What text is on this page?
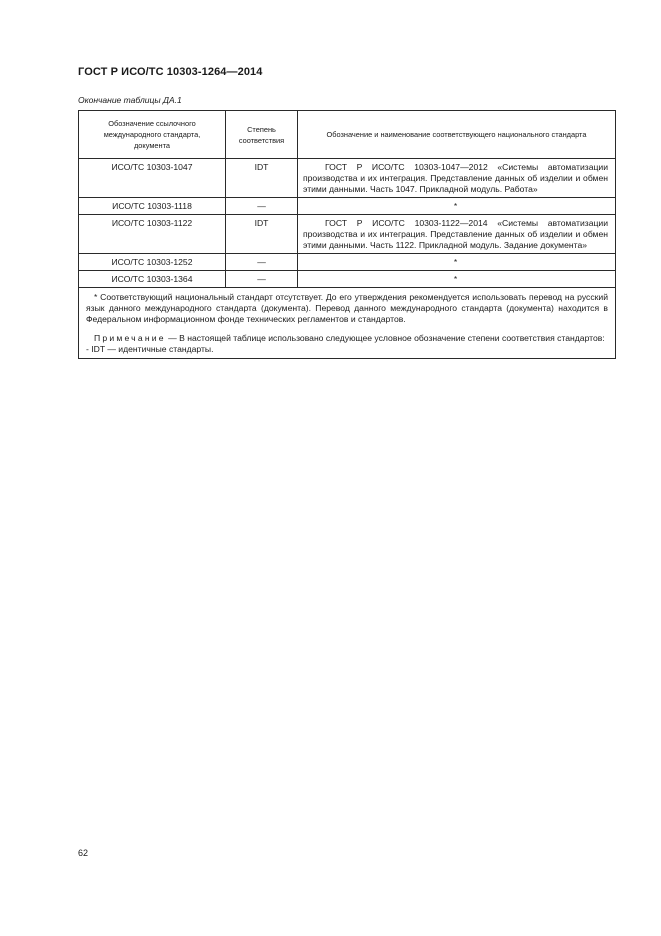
ГОСТ Р ИСО/ТС 10303-1264—2014
Окончание таблицы ДА.1
Обозначение ссылочного международного стандарта, документа	Степень соответствия	Обозначение и наименование соответствующего национального стандарта
ИСО/ТС 10303-1047	IDT	ГОСТ Р ИСО/ТС 10303-1047—2012 «Системы автоматизации производства и их интеграция. Представление данных об изделии и обмен этими данными. Часть 1047. Прикладной модуль. Работа»

ИСО/ТС 10303-1118	—	*
ИСО/ТС 10303-1122	IDT	ГОСТ Р ИСО/ТС 10303-1122—2014 «Системы автоматизации производства и их интеграция. Представление данных об изделии и обмен этими данными. Часть 1122. Прикладной модуль. Задание документа»

ИСО/ТС 10303-1252	—	*
ИСО/ТС 10303-1364	—	*

* Соответствующий национальный стандарт отсутствует. До его утверждения рекомендуется использовать перевод на русский язык данного международного стандарта (документа). Перевод данного международного стандарта (документа) находится в Федеральном информационном фонде технических регламентов и стандартов.

Примечание — В настоящей таблице использовано следующее условное обозначение степени соответствия стандартов:

- IDT — идентичные стандарты.		

62
